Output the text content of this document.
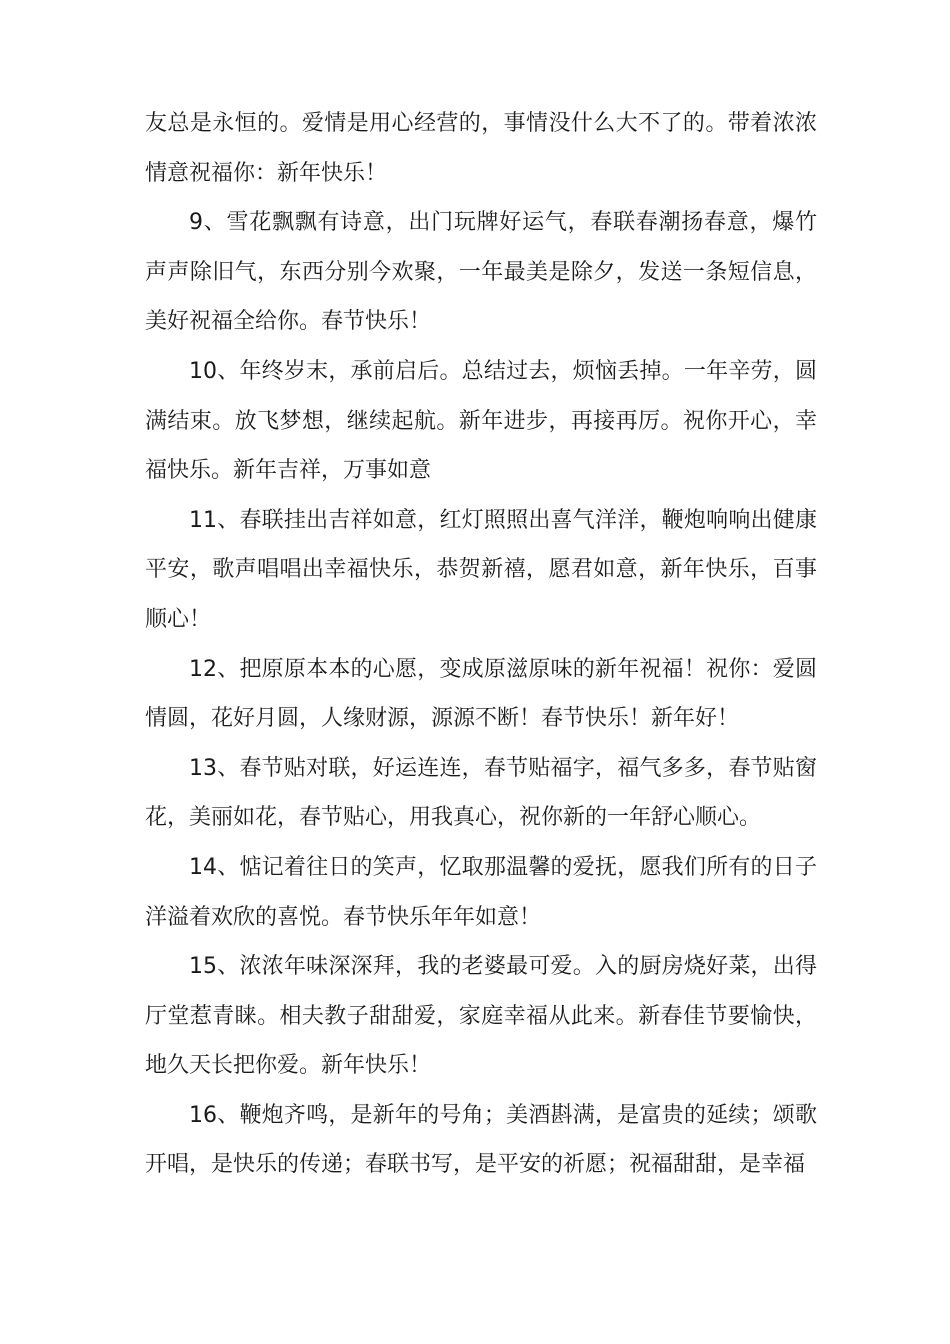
友总是永恒的。爱情是用心经营的，事情没什么大不了的。带着浓浓情意祝福你：新年快乐！

9、雪花飘飘有诗意，出门玩牌好运气，春联春潮扬春意，爆竹声声除旧气，东西分别今欢聚，一年最美是除夕，发送一条短信息，美好祝福全给你。春节快乐！

10、年终岁末，承前启后。总结过去，烦恼丢掉。一年辛劳，圆满结束。放飞梦想，继续起航。新年进步，再接再厉。祝你开心，幸福快乐。新年吉祥，万事如意

11、春联挂出吉祥如意，红灯照照出喜气洋洋，鞭炮响响出健康平安，歌声唱唱出幸福快乐，恭贺新禧，愿君如意，新年快乐，百事顺心！

12、把原原本本的心愿，变成原滋原味的新年祝福！祝你：爱圆情圆，花好月圆，人缘财源，源源不断！春节快乐！新年好！

13、春节贴对联，好运连连，春节贴福字，福气多多，春节贴窗花，美丽如花，春节贴心，用我真心，祝你新的一年舒心顺心。

14、惦记着往日的笑声，忆取那温馨的爱抚，愿我们所有的日子洋溢着欢欣的喜悦。春节快乐年年如意！

15、浓浓年味深深拜，我的老婆最可爱。入的厨房烧好菜，出得厅堂惹青睐。相夫教子甜甜爱，家庭幸福从此来。新春佳节要愉快，地久天长把你爱。新年快乐！

16、鞭炮齐鸣，是新年的号角；美酒斟满，是富贵的延续；颂歌开唱，是快乐的传递；春联书写，是平安的祈愿；祝福甜甜，是幸福
